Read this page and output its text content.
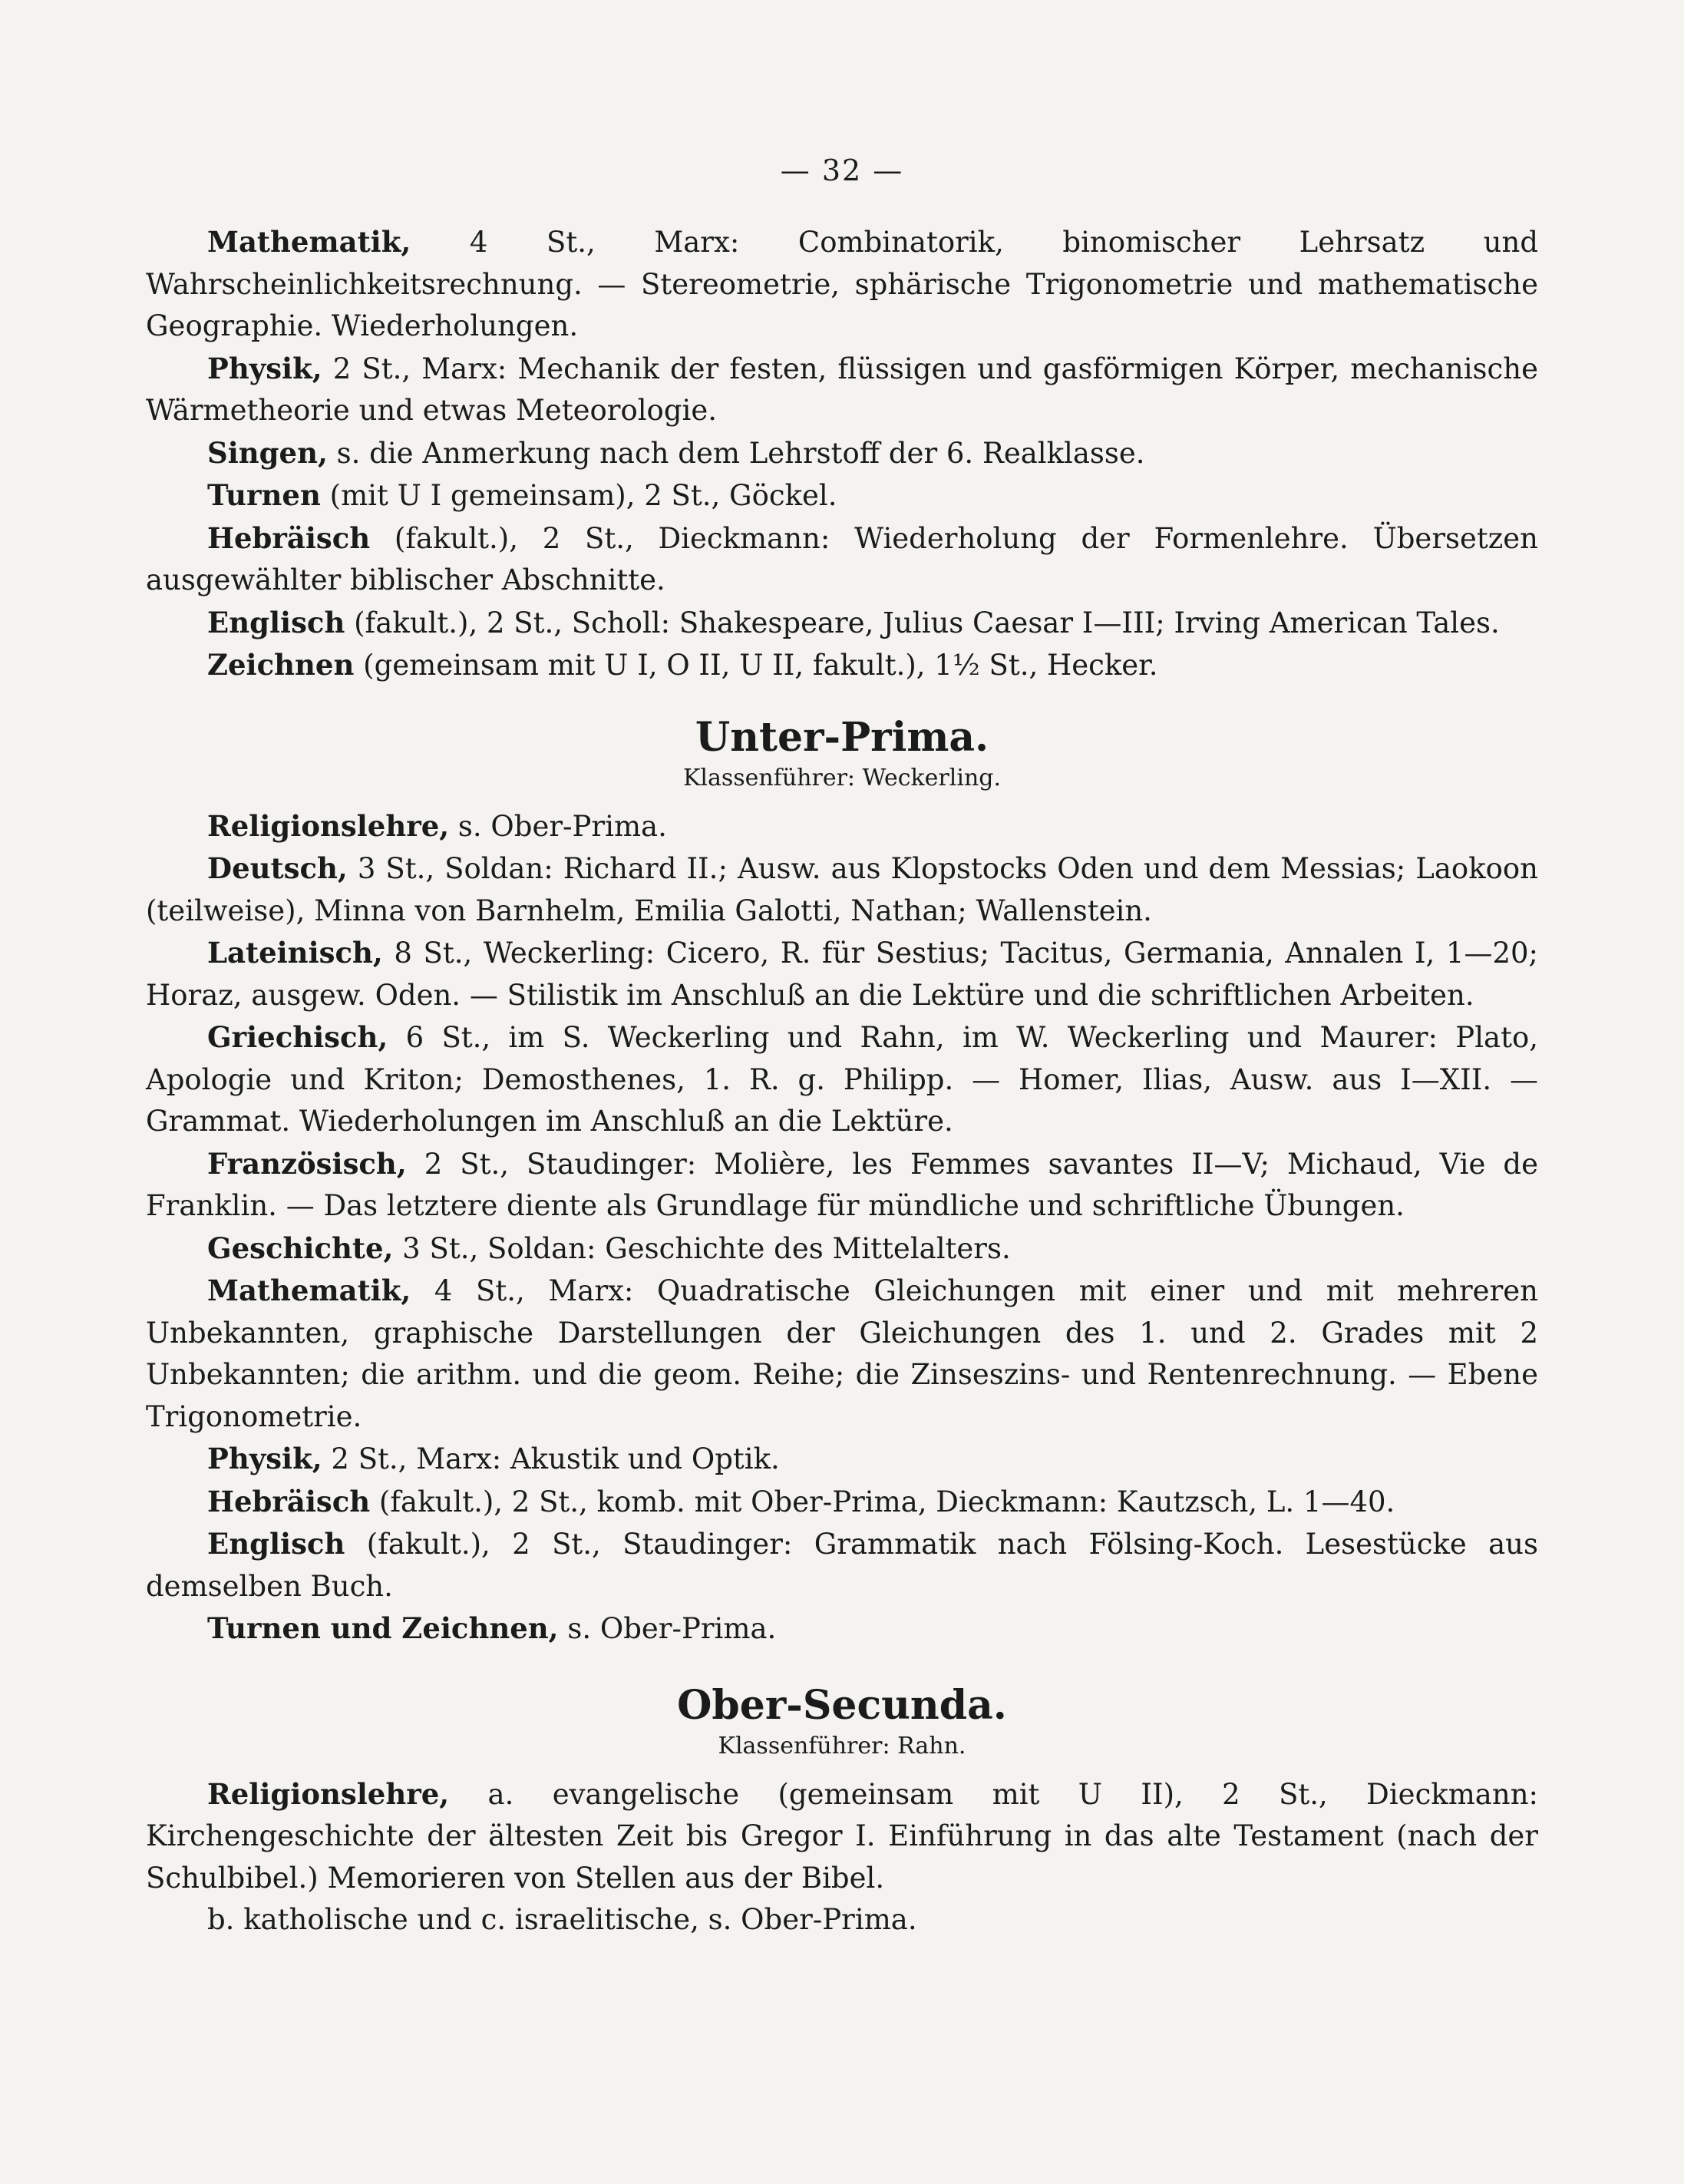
— 32 —

Mathematik, 4 St., Marx: Combinatorik, binomischer Lehrsatz und Wahrscheinlichkeitsrechnung. — Stereometrie, sphärische Trigonometrie und mathematische Geographie. Wiederholungen.

Physik, 2 St., Marx: Mechanik der festen, flüssigen und gasförmigen Körper, mechanische Wärmetheorie und etwas Meteorologie.

Singen, s. die Anmerkung nach dem Lehrstoff der 6. Realklasse.

Turnen (mit U I gemeinsam), 2 St., Göckel.

Hebräisch (fakult.), 2 St., Dieckmann: Wiederholung der Formenlehre. Übersetzen ausgewählter biblischer Abschnitte.

Englisch (fakult.), 2 St., Scholl: Shakespeare, Julius Caesar I—III; Irving American Tales.

Zeichnen (gemeinsam mit U I, O II, U II, fakult.), 1½ St., Hecker.

Unter-Prima.
Klassenführer: Weckerling.

Religionslehre, s. Ober-Prima.

Deutsch, 3 St., Soldan: Richard II.; Ausw. aus Klopstocks Oden und dem Messias; Laokoon (teilweise), Minna von Barnhelm, Emilia Galotti, Nathan; Wallenstein.

Lateinisch, 8 St., Weckerling: Cicero, R. für Sestius; Tacitus, Germania, Annalen I, 1—20; Horaz, ausgew. Oden. — Stilistik im Anschluß an die Lektüre und die schriftlichen Arbeiten.

Griechisch, 6 St., im S. Weckerling und Rahn, im W. Weckerling und Maurer: Plato, Apologie und Kriton; Demosthenes, 1. R. g. Philipp. — Homer, Ilias, Ausw. aus I—XII. — Grammat. Wiederholungen im Anschluß an die Lektüre.

Französisch, 2 St., Staudinger: Molière, les Femmes savantes II—V; Michaud, Vie de Franklin. — Das letztere diente als Grundlage für mündliche und schriftliche Übungen.

Geschichte, 3 St., Soldan: Geschichte des Mittelalters.

Mathematik, 4 St., Marx: Quadratische Gleichungen mit einer und mit mehreren Unbekannten, graphische Darstellungen der Gleichungen des 1. und 2. Grades mit 2 Unbekannten; die arithm. und die geom. Reihe; die Zinseszins- und Rentenrechnung. — Ebene Trigonometrie.

Physik, 2 St., Marx: Akustik und Optik.

Hebräisch (fakult.), 2 St., komb. mit Ober-Prima, Dieckmann: Kautzsch, L. 1—40.

Englisch (fakult.), 2 St., Staudinger: Grammatik nach Fölsing-Koch. Lesestücke aus demselben Buch.

Turnen und Zeichnen, s. Ober-Prima.

Ober-Secunda.
Klassenführer: Rahn.

Religionslehre, a. evangelische (gemeinsam mit U II), 2 St., Dieckmann: Kirchengeschichte der ältesten Zeit bis Gregor I. Einführung in das alte Testament (nach der Schulbibel.) Memorieren von Stellen aus der Bibel.

b. katholische und c. israelitische, s. Ober-Prima.
